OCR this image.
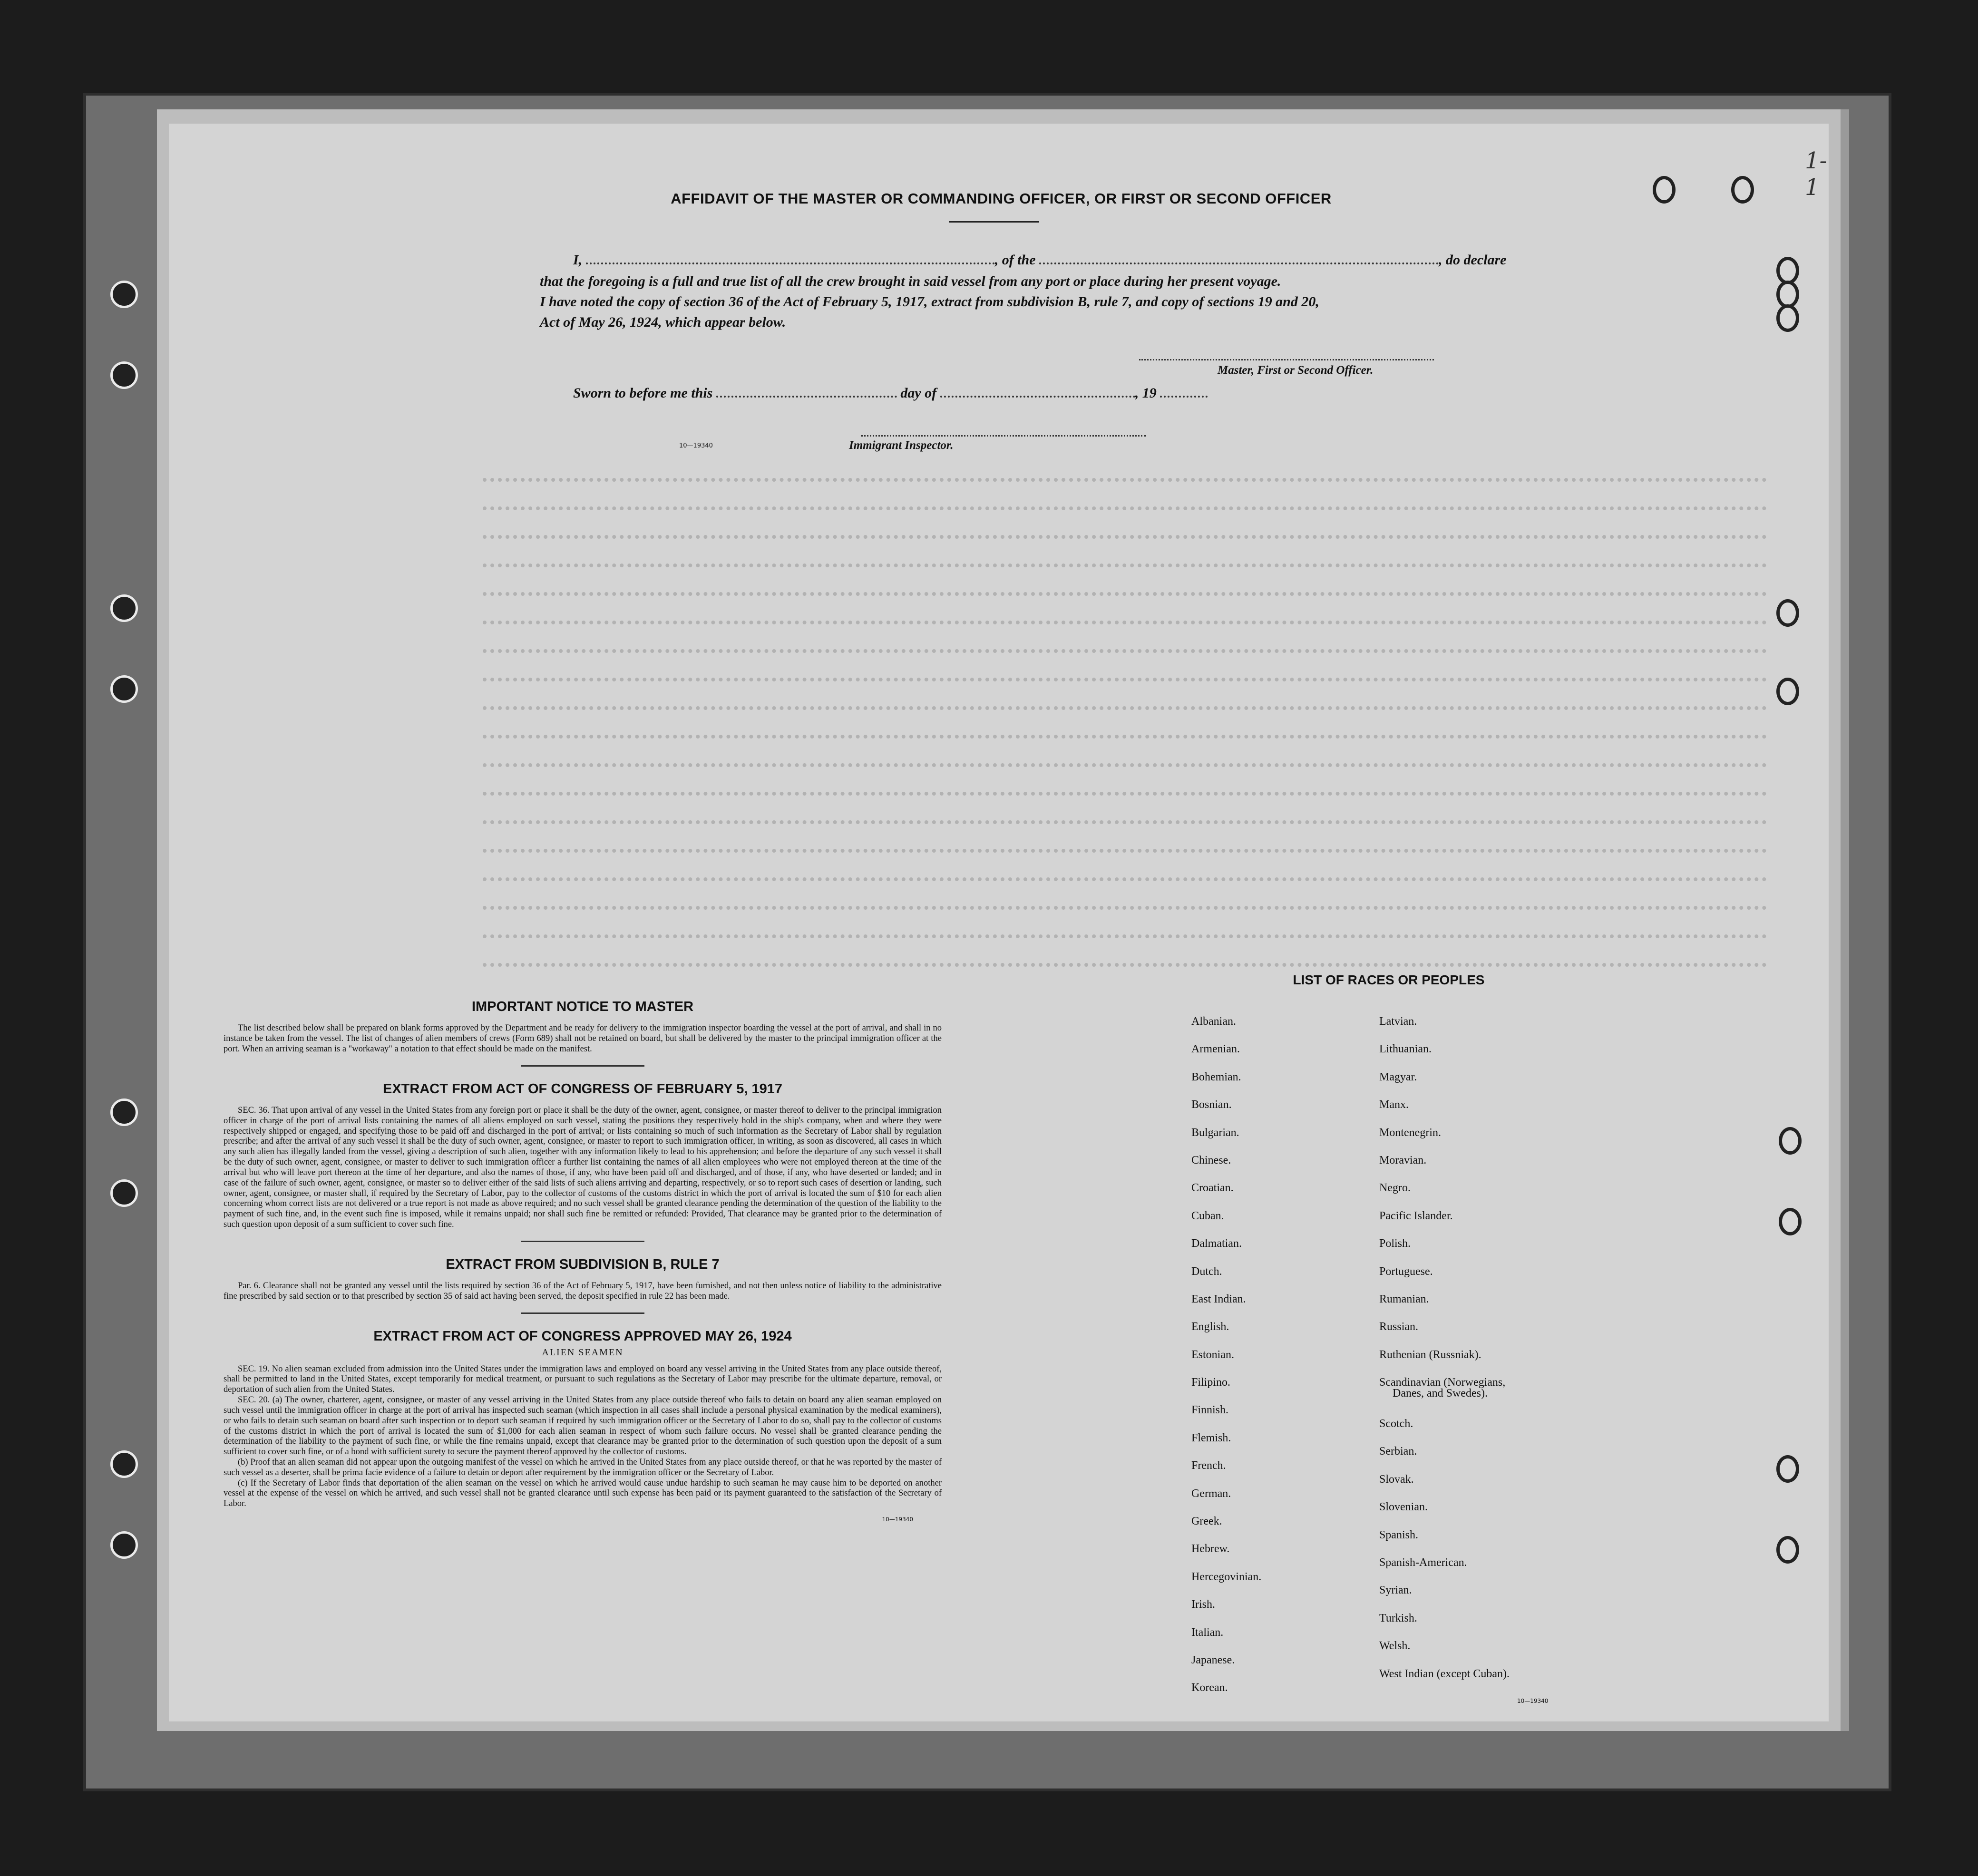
1-1
AFFIDAVIT OF THE MASTER OR COMMANDING OFFICER, OR FIRST OR SECOND OFFICER
I,	, of the	, do declare
that the foregoing is a full and true list of all the crew brought in said vessel from any port or place during her present voyage.
I have noted the copy of section 36 of the Act of February 5, 1917, extract from subdivision B, rule 7, and copy of sections 19 and 20,
Act of May 26, 1924, which appear below.
Master, First or Second Officer.
Sworn to before me this	day of	, 19
10—19340	Immigrant Inspector.
IMPORTANT NOTICE TO MASTER

The list described below shall be prepared on blank forms approved by the Department and be ready for delivery to the immigration inspector boarding the vessel at the port of arrival, and shall in no instance be taken from the vessel. The list of changes of alien members of crews (Form 689) shall not be retained on board, but shall be delivered by the master to the principal immigration officer at the port. When an arriving seaman is a "workaway" a notation to that effect should be made on the manifest.

EXTRACT FROM ACT OF CONGRESS OF FEBRUARY 5, 1917

SEC. 36. That upon arrival of any vessel in the United States from any foreign port or place it shall be the duty of the owner, agent, consignee, or master thereof to deliver to the principal immigration officer in charge of the port of arrival lists containing the names of all aliens employed on such vessel, stating the positions they respectively hold in the ship's company, when and where they were respectively shipped or engaged, and specifying those to be paid off and discharged in the port of arrival; or lists containing so much of such information as the Secretary of Labor shall by regulation prescribe; and after the arrival of any such vessel it shall be the duty of such owner, agent, consignee, or master to report to such immigration officer, in writing, as soon as discovered, all cases in which any such alien has illegally landed from the vessel, giving a description of such alien, together with any information likely to lead to his apprehension; and before the departure of any such vessel it shall be the duty of such owner, agent, consignee, or master to deliver to such immigration officer a further list containing the names of all alien employees who were not employed thereon at the time of the arrival but who will leave port thereon at the time of her departure, and also the names of those, if any, who have been paid off and discharged, and of those, if any, who have deserted or landed; and in case of the failure of such owner, agent, consignee, or master so to deliver either of the said lists of such aliens arriving and departing, respectively, or so to report such cases of desertion or landing, such owner, agent, consignee, or master shall, if required by the Secretary of Labor, pay to the collector of customs of the customs district in which the port of arrival is located the sum of $10 for each alien concerning whom correct lists are not delivered or a true report is not made as above required; and no such vessel shall be granted clearance pending the determination of the question of the liability to the payment of such fine, and, in the event such fine is imposed, while it remains unpaid; nor shall such fine be remitted or refunded: Provided, That clearance may be granted prior to the determination of such question upon deposit of a sum sufficient to cover such fine.

EXTRACT FROM SUBDIVISION B, RULE 7

Par. 6. Clearance shall not be granted any vessel until the lists required by section 36 of the Act of February 5, 1917, have been furnished, and not then unless notice of liability to the administrative fine prescribed by said section or to that prescribed by section 35 of said act having been served, the deposit specified in rule 22 has been made.

EXTRACT FROM ACT OF CONGRESS APPROVED MAY 26, 1924
ALIEN SEAMEN

SEC. 19. No alien seaman excluded from admission into the United States under the immigration laws and employed on board any vessel arriving in the United States from any place outside thereof, shall be permitted to land in the United States, except temporarily for medical treatment, or pursuant to such regulations as the Secretary of Labor may prescribe for the ultimate departure, removal, or deportation of such alien from the United States.

SEC. 20. (a) The owner, charterer, agent, consignee, or master of any vessel arriving in the United States from any place outside thereof who fails to detain on board any alien seaman employed on such vessel until the immigration officer in charge at the port of arrival has inspected such seaman (which inspection in all cases shall include a personal physical examination by the medical examiners), or who fails to detain such seaman on board after such inspection or to deport such seaman if required by such immigration officer or the Secretary of Labor to do so, shall pay to the collector of customs of the customs district in which the port of arrival is located the sum of $1,000 for each alien seaman in respect of whom such failure occurs. No vessel shall be granted clearance pending the determination of the liability to the payment of such fine, or while the fine remains unpaid, except that clearance may be granted prior to the determination of such question upon the deposit of a sum sufficient to cover such fine, or of a bond with sufficient surety to secure the payment thereof approved by the collector of customs.

(b) Proof that an alien seaman did not appear upon the outgoing manifest of the vessel on which he arrived in the United States from any place outside thereof, or that he was reported by the master of such vessel as a deserter, shall be prima facie evidence of a failure to detain or deport after requirement by the immigration officer or the Secretary of Labor.

(c) If the Secretary of Labor finds that deportation of the alien seaman on the vessel on which he arrived would cause undue hardship to such seaman he may cause him to be deported on another vessel at the expense of the vessel on which he arrived, and such vessel shall not be granted clearance until such expense has been paid or its payment guaranteed to the satisfaction of the Secretary of Labor.

10—19340
LIST OF RACES OR PEOPLES
Albanian.
Armenian.
Bohemian.
Bosnian.
Bulgarian.
Chinese.
Croatian.
Cuban.
Dalmatian.
Dutch.
East Indian.
English.
Estonian.
Filipino.
Finnish.
Flemish.
French.
German.
Greek.
Hebrew.
Hercegovinian.
Irish.
Italian.
Japanese.
Korean.
Latvian.
Lithuanian.
Magyar.
Manx.
Montenegrin.
Moravian.
Negro.
Pacific Islander.
Polish.
Portuguese.
Rumanian.
Russian.
Ruthenian (Russniak).
Scandinavian (Norwegians,
Danes, and Swedes).
Scotch.
Serbian.
Slovak.
Slovenian.
Spanish.
Spanish-American.
Syrian.
Turkish.
Welsh.
West Indian (except Cuban).
10—19340
